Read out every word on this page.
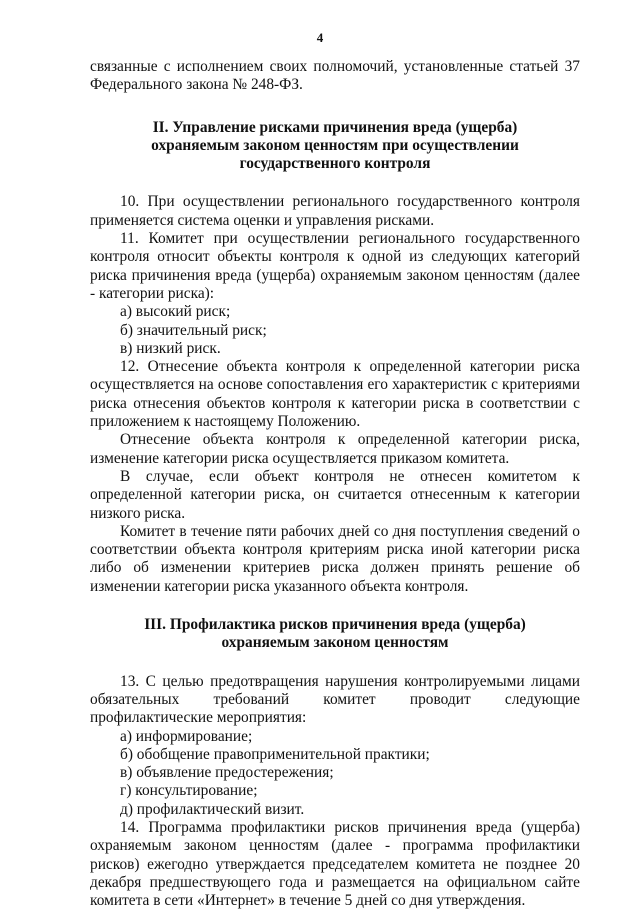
4

связанные с исполнением своих полномочий, установленные статьей 37 Федерального закона № 248-ФЗ.

II. Управление рисками причинения вреда (ущерба)
охраняемым законом ценностям при осуществлении
государственного контроля

10. При осуществлении регионального государственного контроля применяется система оценки и управления рисками.

11. Комитет при осуществлении регионального государственного контроля относит объекты контроля к одной из следующих категорий риска причинения вреда (ущерба) охраняемым законом ценностям (далее - категории риска):

а) высокий риск;

б) значительный риск;

в) низкий риск.

12. Отнесение объекта контроля к определенной категории риска осуществляется на основе сопоставления его характеристик с критериями риска отнесения объектов контроля к категории риска в соответствии с приложением к настоящему Положению.

Отнесение объекта контроля к определенной категории риска, изменение категории риска осуществляется приказом комитета.

В случае, если объект контроля не отнесен комитетом к определенной категории риска, он считается отнесенным к категории низкого риска.

Комитет в течение пяти рабочих дней со дня поступления сведений о соответствии объекта контроля критериям риска иной категории риска либо об изменении критериев риска должен принять решение об изменении категории риска указанного объекта контроля.

III. Профилактика рисков причинения вреда (ущерба)
охраняемым законом ценностям

13. С целью предотвращения нарушения контролируемыми лицами обязательных требований комитет проводит следующие профилактические мероприятия:

а) информирование;

б) обобщение правоприменительной практики;

в) объявление предостережения;

г) консультирование;

д) профилактический визит.

14. Программа профилактики рисков причинения вреда (ущерба) охраняемым законом ценностям (далее - программа профилактики рисков) ежегодно утверждается председателем комитета не позднее 20 декабря предшествующего года и размещается на официальном сайте комитета в сети «Интернет» в течение 5 дней со дня утверждения.
